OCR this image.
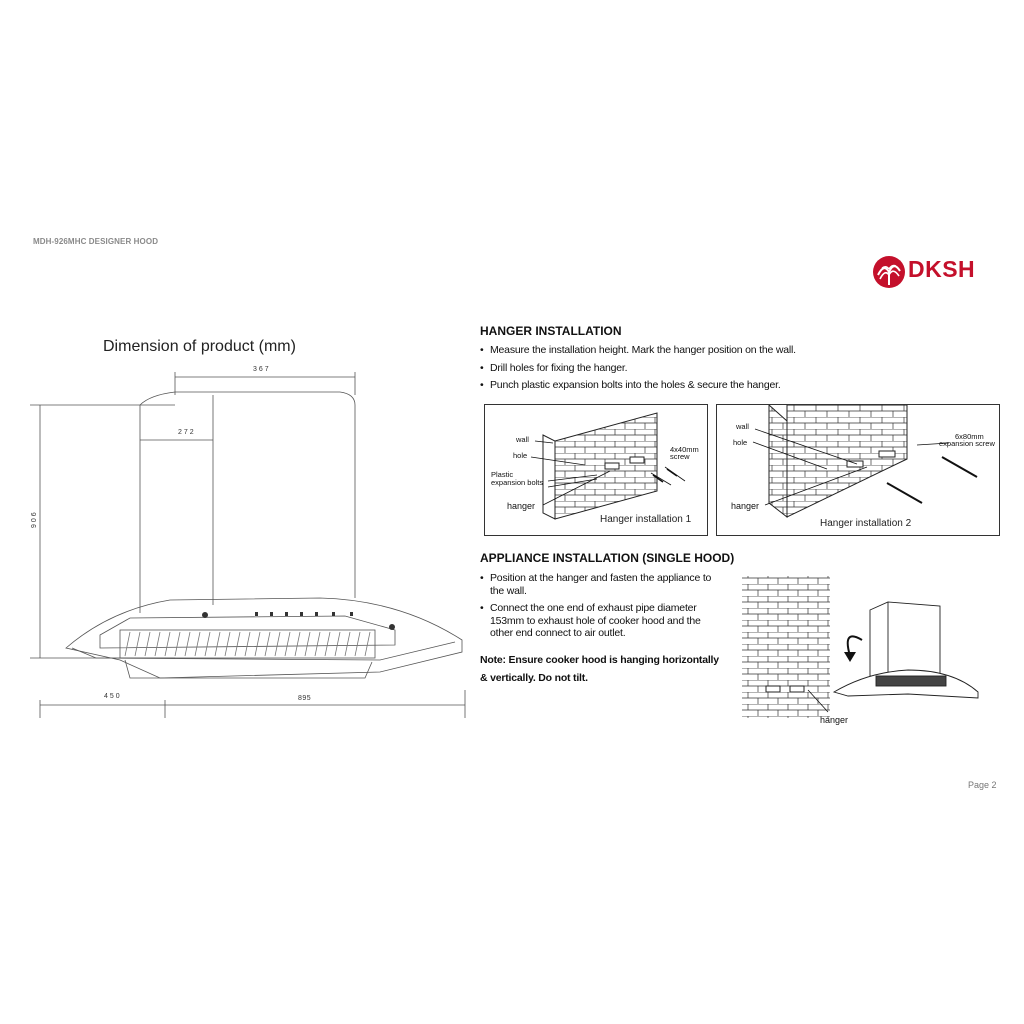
MDH-926MHC DESIGNER HOOD
DKSH
Dimension of product (mm)
367
272
906
450	895
HANGER INSTALLATION
• Measure the installation height. Mark the hanger position on the wall.
• Drill holes for fixing the hanger.
• Punch plastic expansion bolts into the holes & secure the hanger.
wall
hole
Plastic
expansion bolts
hanger
4x40mm
screw
Hanger installation 1
wall
hole
hanger
6x80mm
expansion screw
Hanger installation 2
APPLIANCE INSTALLATION (SINGLE HOOD)
• Position at the hanger and fasten the appliance to the wall.
• Connect the one end of exhaust pipe diameter 153mm to exhaust hole of cooker hood and the other end connect to air outlet.
Note: Ensure cooker hood is hanging horizontally
& vertically. Do not tilt.
hanger
Page 2
